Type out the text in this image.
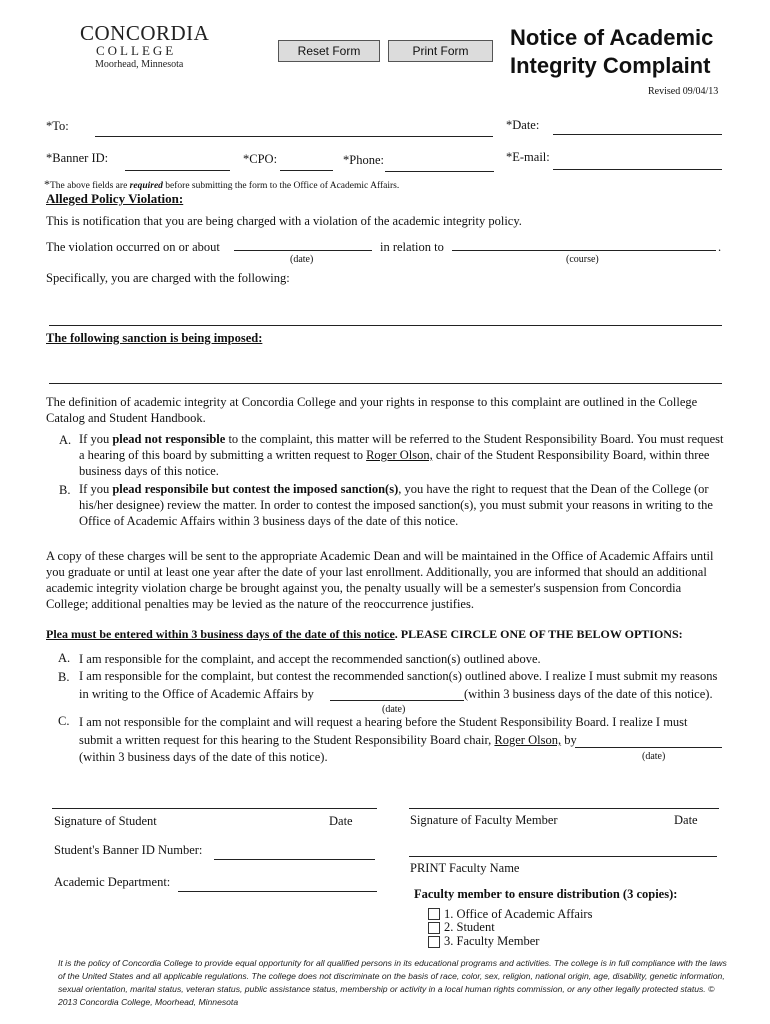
CONCORDIA
COLLEGE
Moorhead, Minnesota
Reset Form	Print Form
Notice of Academic
Integrity Complaint
Revised 09/04/13
*To:	*Date:
*Banner ID:	*CPO:	*Phone:	*E-mail:
*The above fields are required before submitting the form to the Office of Academic Affairs.
Alleged Policy Violation:
This is notification that you are being charged with a violation of the academic integrity policy.
The violation occurred on or about	in relation to	.
(date)	(course)
Specifically, you are charged with the following:
The following sanction is being imposed:
The definition of academic integrity at Concordia College and your rights in response to this complaint are outlined in the College Catalog and Student Handbook.
A. If you plead not responsible to the complaint, this matter will be referred to the Student Responsibility Board. You must request a hearing of this board by submitting a written request to Roger Olson, chair of the Student Responsibility Board, within three business days of this notice.
B. If you plead responsibile but contest the imposed sanction(s), you have the right to request that the Dean of the College (or his/her designee) review the matter. In order to contest the imposed sanction(s), you must submit your reasons in writing to the Office of Academic Affairs within 3 business days of the date of this notice.
A copy of these charges will be sent to the appropriate Academic Dean and will be maintained in the Office of Academic Affairs until you graduate or until at least one year after the date of your last enrollment. Additionally, you are informed that should an additional academic integrity violation charge be brought against you, the penalty usually will be a semester's suspension from Concordia College; additional penalties may be levied as the nature of the reoccurrence justifies.
Plea must be entered within 3 business days of the date of this notice. PLEASE CIRCLE ONE OF THE BELOW OPTIONS:
A. I am responsible for the complaint, and accept the recommended sanction(s) outlined above.
B. I am responsible for the complaint, but contest the recommended sanction(s) outlined above. I realize I must submit my reasons
in writing to the Office of Academic Affairs by	(within 3 business days of the date of this notice).
(date)
C. I am not responsible for the complaint and will request a hearing before the Student Responsibility Board. I realize I must
submit a written request for this hearing to the Student Responsibility Board chair, Roger Olson, by
(within 3 business days of the date of this notice).	(date)
Signature of Student	Date	Signature of Faculty Member	Date
Student's Banner ID Number:
PRINT Faculty Name
Academic Department:
Faculty member to ensure distribution (3 copies):
1. Office of Academic Affairs
2. Student
3. Faculty Member
It is the policy of Concordia College to provide equal opportunity for all qualified persons in its educational programs and activities. The college is in full compliance with the laws of the United States and all applicable regulations. The college does not discriminate on the basis of race, color, sex, religion, national origin, age, disability, genetic information, sexual orientation, marital status, veteran status, public assistance status, membership or activity in a local human rights commission, or any other legally protected status. © 2013 Concordia College, Moorhead, Minnesota
